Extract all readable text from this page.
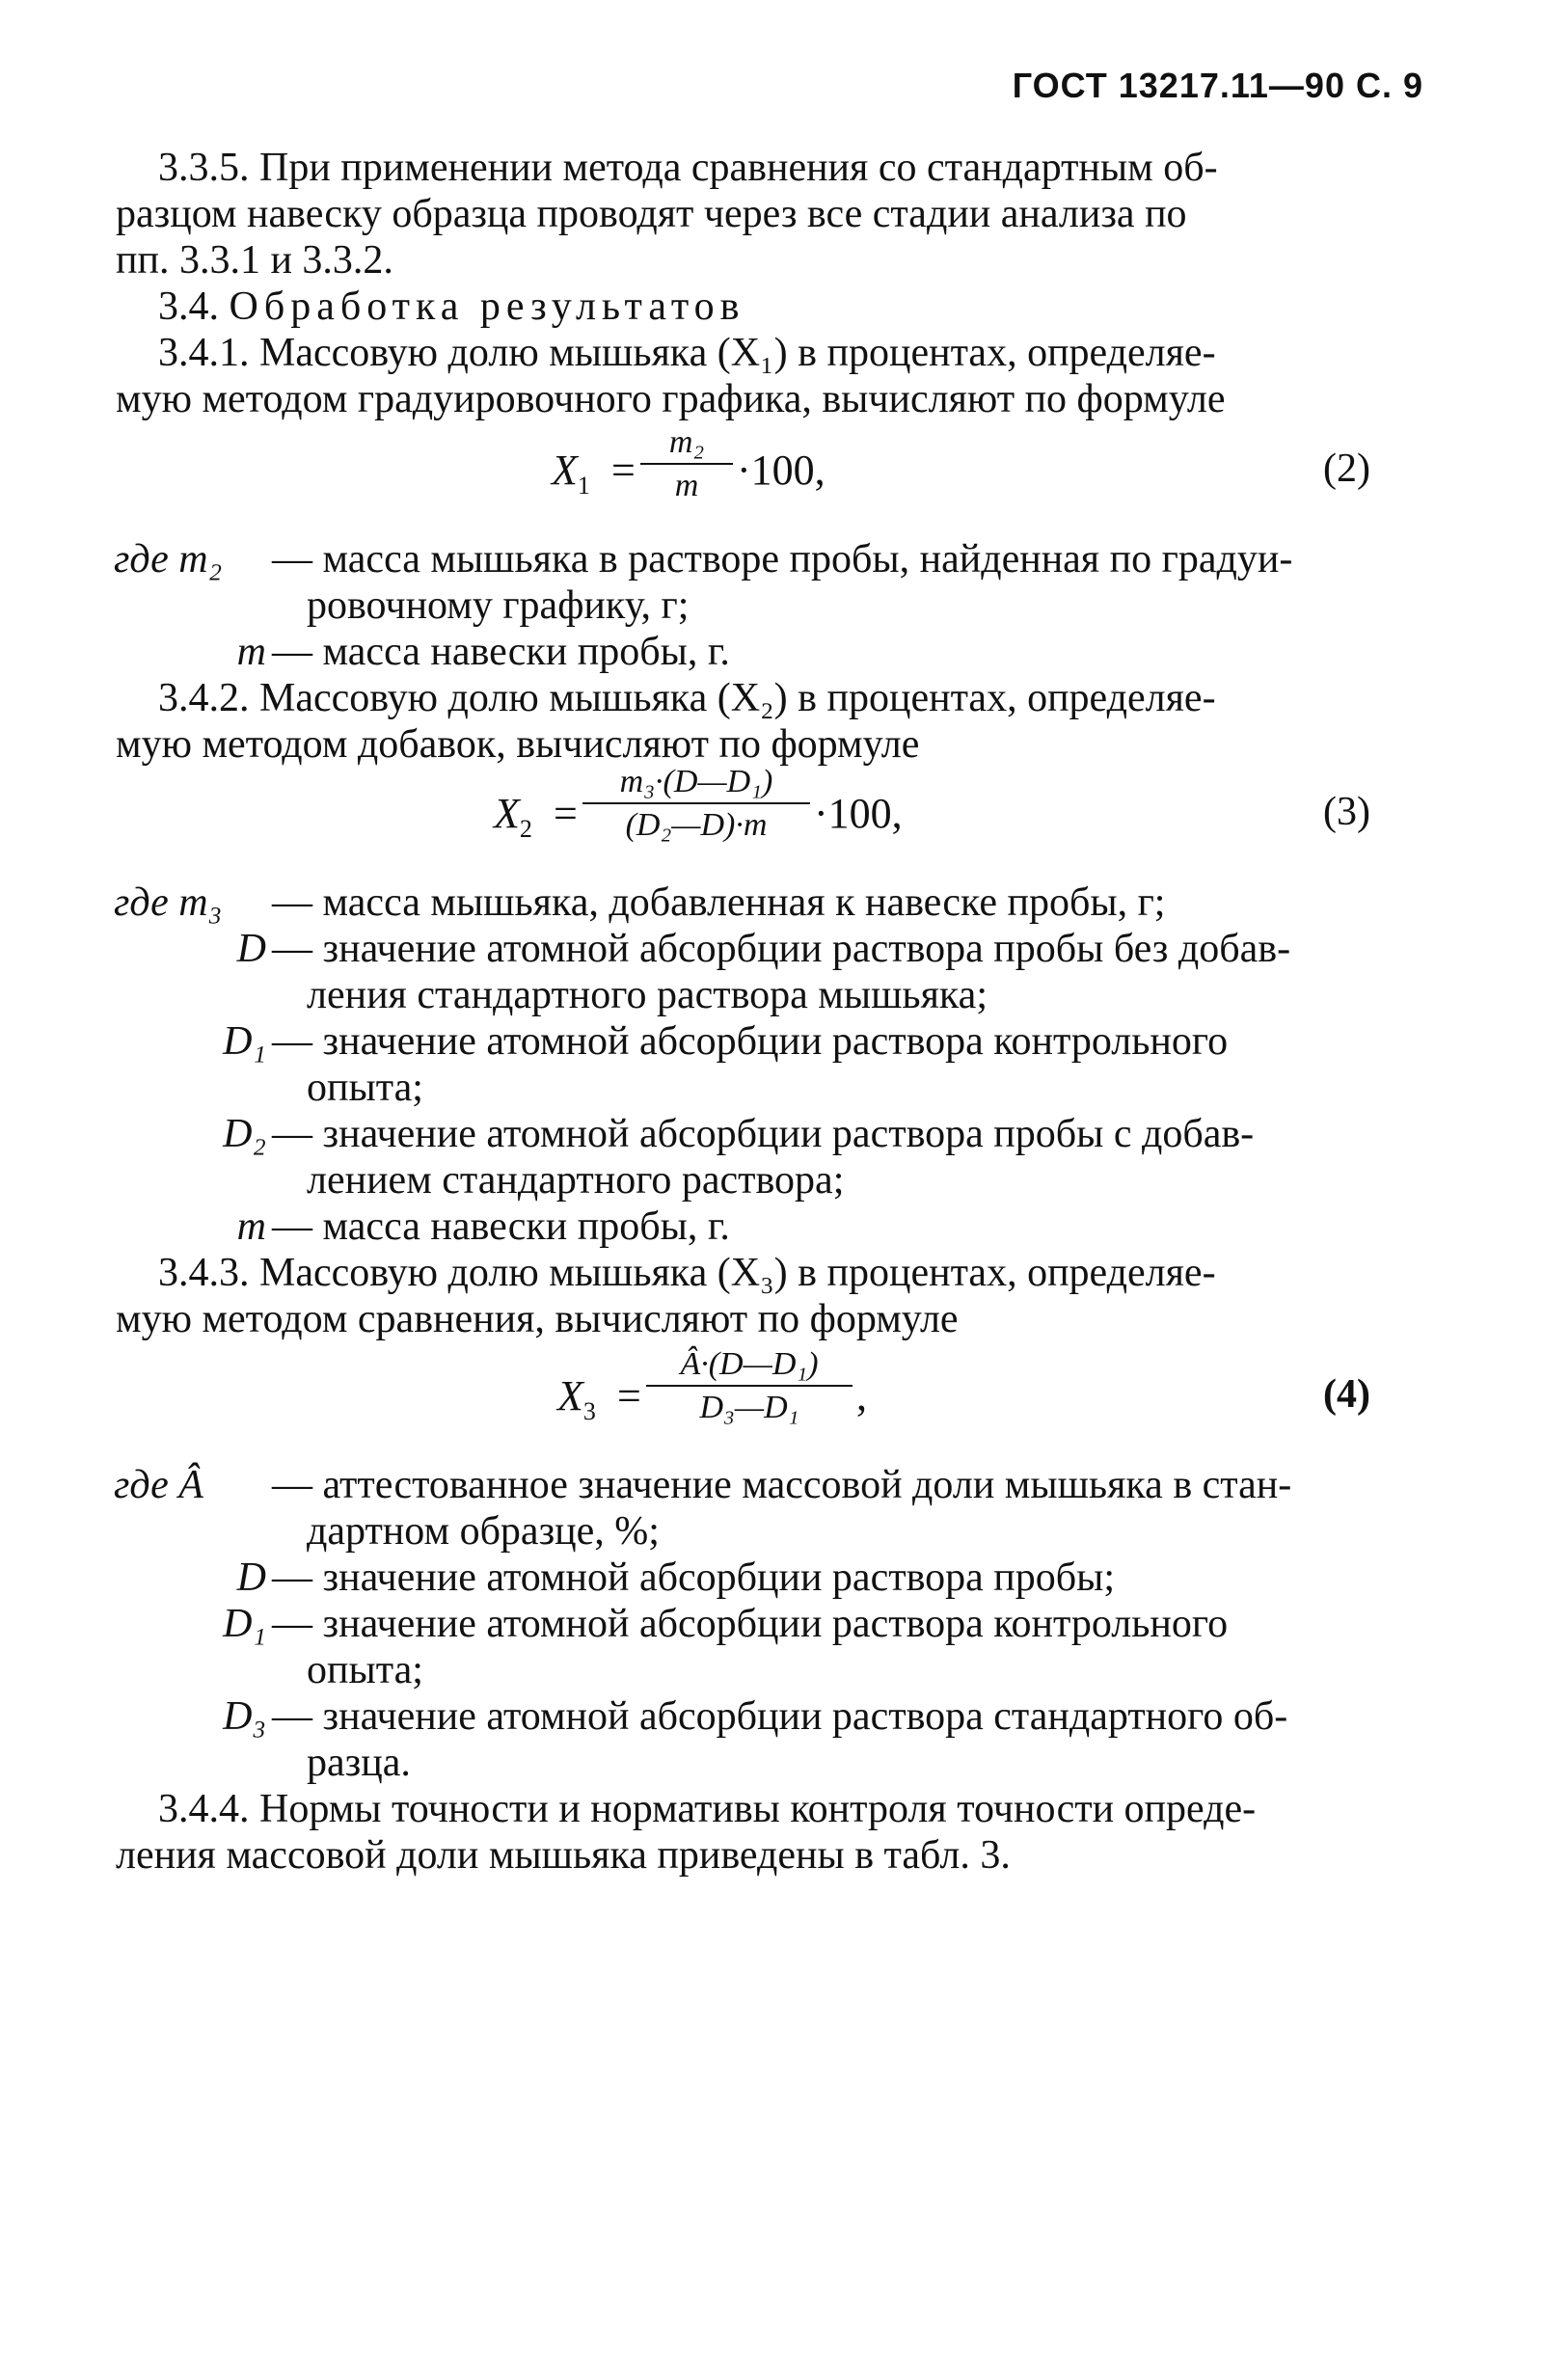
ГОСТ 13217.11—90 С. 9
3.3.5. При применении метода сравнения со стандартным об-
разцом навеску образца проводят через все стадии анализа по
пп. 3.3.1 и 3.3.2.
3.4. Обработка результатов
3.4.1. Массовую долю мышьяка (X₁) в процентах, определяе-
мую методом градуировочного графика, вычисляют по формуле
$X_1$ =
m₂
m ·100,	(2)
где m₂	— масса мышьяка в растворе пробы, найденная по градуи-
ровочному графику, г;
m — масса навески пробы, г.
3.4.2. Массовую долю мышьяка (X₂) в процентах, определяе-
мую методом добавок, вычисляют по формуле
$X_2$ =
m₃·(D—D₁)
(D₂—D)·m	·100,	(3)
где m₃	— масса мышьяка, добавленная к навеске пробы, г;
D — значение атомной абсорбции раствора пробы без добав-
ления стандартного раствора мышьяка;
D₁ — значение атомной абсорбции раствора контрольного
опыта;
D₂ — значение атомной абсорбции раствора пробы с добав-
лением стандартного раствора;
m — масса навески пробы, г.
3.4.3. Массовую долю мышьяка (X₃) в процентах, определяе-
мую методом сравнения, вычисляют по формуле
$X_3$ =
Â·(D—D₁)
D₃—D₁	,	(4)
где Â	— аттестованное значение массовой доли мышьяка в стан-
дартном образце, %;
D — значение атомной абсорбции раствора пробы;
D₁ — значение атомной абсорбции раствора контрольного
опыта;
D₃ — значение атомной абсорбции раствора стандартного об-
разца.
3.4.4. Нормы точности и нормативы контроля точности опреде-
ления массовой доли мышьяка приведены в табл. 3.
